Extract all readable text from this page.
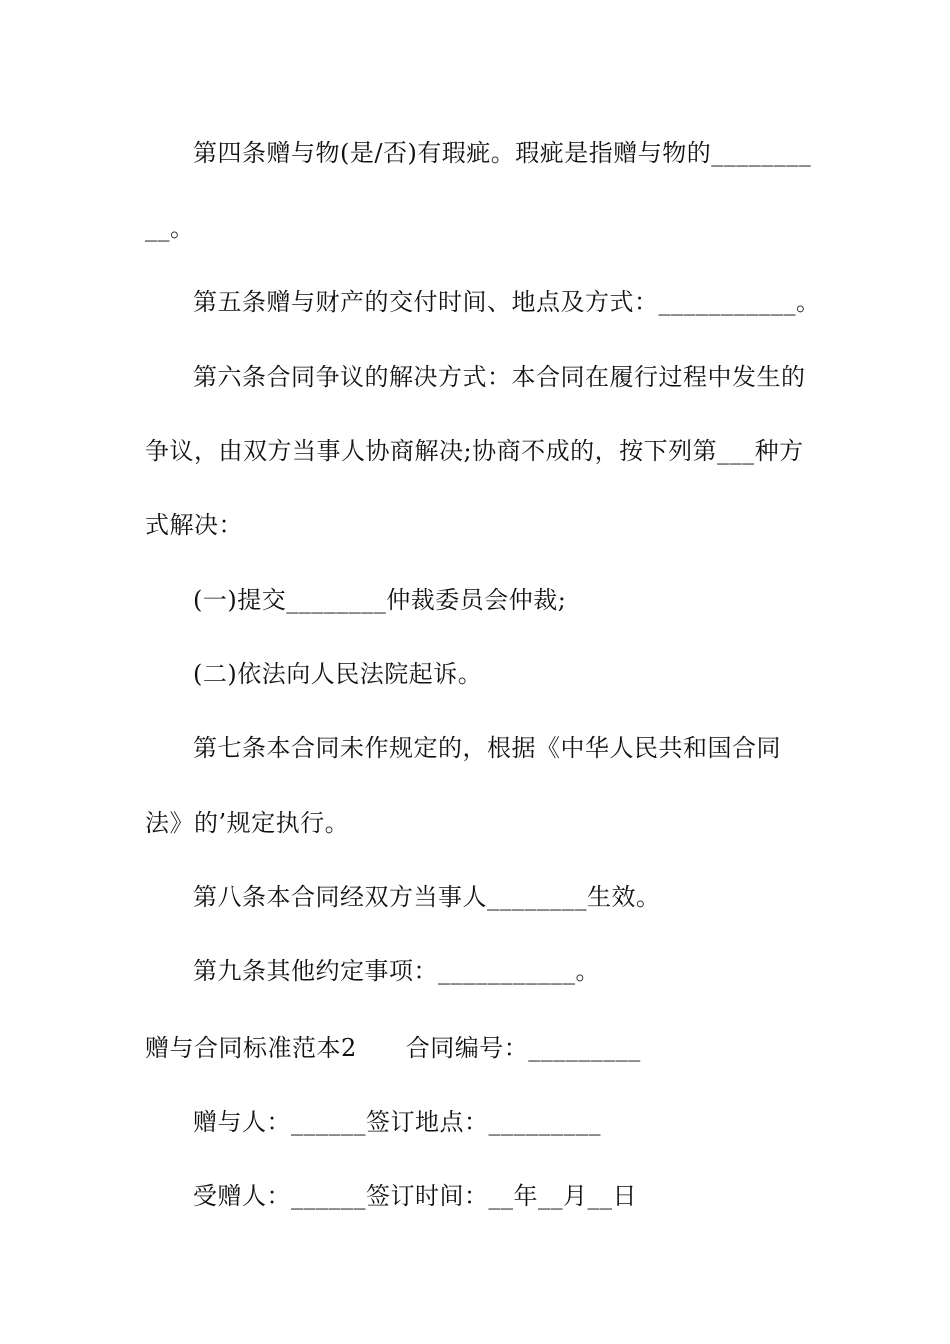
第四条赠与物(是/否)有瑕疵。瑕疵是指赠与物的________
__。
第五条赠与财产的交付时间、地点及方式：___________。
第六条合同争议的解决方式：本合同在履行过程中发生的
争议，由双方当事人协商解决;协商不成的，按下列第___种方
式解决：
(一)提交________仲裁委员会仲裁;
(二)依法向人民法院起诉。
第七条本合同未作规定的，根据《中华人民共和国合同
法》的’规定执行。
第八条本合同经双方当事人________生效。
第九条其他约定事项：___________。
赠与合同标准范本2　　合同编号：_________
赠与人：______签订地点：_________
受赠人：______签订时间：__年__月__日
